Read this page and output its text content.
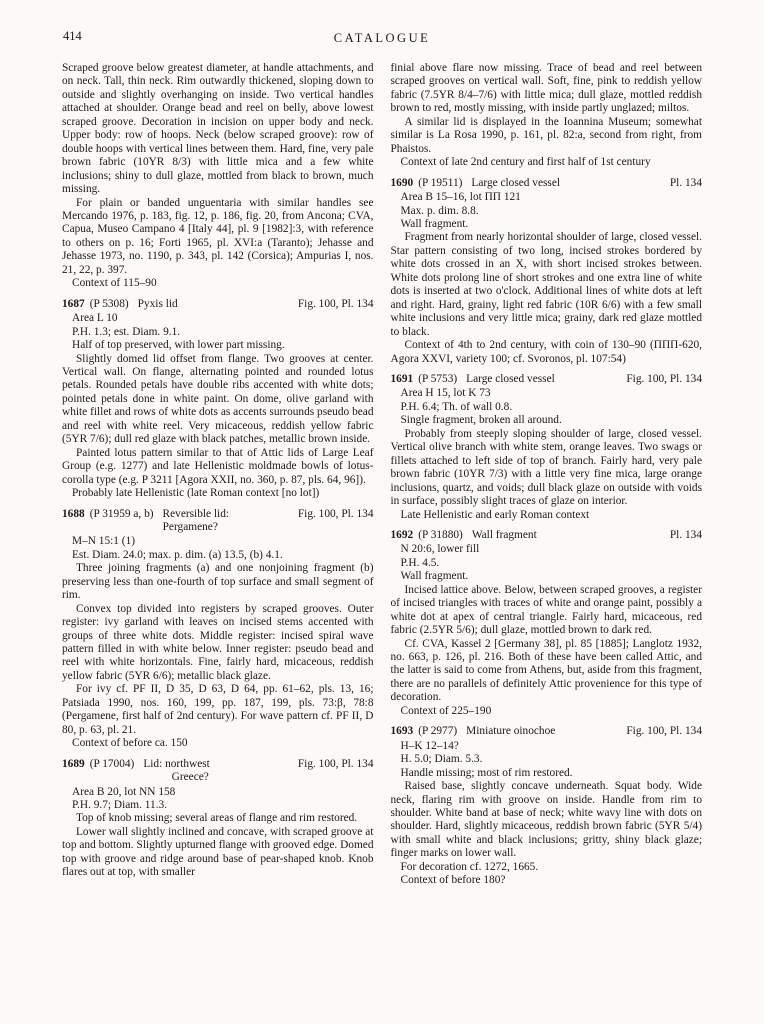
414	CATALOGUE

Scraped groove below greatest diameter, at handle attachments, and on neck. Tall, thin neck. Rim outwardly thickened, sloping down to outside and slightly overhanging on inside. Two vertical handles attached at shoulder. Orange bead and reel on belly, above lowest scraped groove. Decoration in incision on upper body and neck. Upper body: row of hoops. Neck (below scraped groove): row of double hoops with vertical lines between them. Hard, fine, very pale brown fabric (10YR 8/3) with little mica and a few white inclusions; shiny to dull glaze, mottled from black to brown, much missing.

For plain or banded unguentaria with similar handles see Mercando 1976, p. 183, fig. 12, p. 186, fig. 20, from Ancona; CVA, Capua, Museo Campano 4 [Italy 44], pl. 9 [1982]:3, with reference to others on p. 16; Forti 1965, pl. XVI:a (Taranto); Jehasse and Jehasse 1973, no. 1190, p. 343, pl. 142 (Corsica); Ampurias I, nos. 21, 22, p. 397.

Context of 115–90

1687 (P 5308) Pyxis lid	Fig. 100, Pl. 134

Area L 10

P.H. 1.3; est. Diam. 9.1.

Half of top preserved, with lower part missing.

Slightly domed lid offset from flange. Two grooves at center. Vertical wall. On flange, alternating pointed and rounded lotus petals. Rounded petals have double ribs accented with white dots; pointed petals done in white paint. On dome, olive garland with white fillet and rows of white dots as accents surrounds pseudo bead and reel with white reel. Very micaceous, reddish yellow fabric (5YR 7/6); dull red glaze with black patches, metallic brown inside.

Painted lotus pattern similar to that of Attic lids of Large Leaf Group (e.g. 1277) and late Hellenistic moldmade bowls of lotus-corolla type (e.g. P 3211 [Agora XXII, no. 360, p. 87, pls. 64, 96]).

Probably late Hellenistic (late Roman context [no lot])

1688 (P 31959 a, b) Reversible lid:	Fig. 100, Pl. 134
Pergamene?

M–N 15:1 (1)

Est. Diam. 24.0; max. p. dim. (a) 13.5, (b) 4.1.

Three joining fragments (a) and one nonjoining fragment (b) preserving less than one-fourth of top surface and small segment of rim.

Convex top divided into registers by scraped grooves. Outer register: ivy garland with leaves on incised stems accented with groups of three white dots. Middle register: incised spiral wave pattern filled in with white below. Inner register: pseudo bead and reel with white horizontals. Fine, fairly hard, micaceous, reddish yellow fabric (5YR 6/6); metallic black glaze.

For ivy cf. PF II, D 35, D 63, D 64, pp. 61–62, pls. 13, 16; Patsiada 1990, nos. 160, 199, pp. 187, 199, pls. 73:β, 78:8 (Pergamene, first half of 2nd century). For wave pattern cf. PF II, D 80, p. 63, pl. 21.

Context of before ca. 150

1689 (P 17004) Lid: northwest	Fig. 100, Pl. 134
Greece?

Area B 20, lot NN 158

P.H. 9.7; Diam. 11.3.

Top of knob missing; several areas of flange and rim restored.

Lower wall slightly inclined and concave, with scraped groove at top and bottom. Slightly upturned flange with grooved edge. Domed top with groove and ridge around base of pear-shaped knob. Knob flares out at top, with smaller

finial above flare now missing. Trace of bead and reel between scraped grooves on vertical wall. Soft, fine, pink to reddish yellow fabric (7.5YR 8/4–7/6) with little mica; dull glaze, mottled reddish brown to red, mostly missing, with inside partly unglazed; miltos.

A similar lid is displayed in the Ioannina Museum; somewhat similar is La Rosa 1990, p. 161, pl. 82:a, second from right, from Phaistos.

Context of late 2nd century and first half of 1st century

1690 (P 19511) Large closed vessel	Pl. 134

Area B 15–16, lot ΠΠ 121

Max. p. dim. 8.8.

Wall fragment.

Fragment from nearly horizontal shoulder of large, closed vessel. Star pattern consisting of two long, incised strokes bordered by white dots crossed in an X, with short incised strokes between. White dots prolong line of short strokes and one extra line of white dots is inserted at two o'clock. Additional lines of white dots at left and right. Hard, grainy, light red fabric (10R 6/6) with a few small white inclusions and very little mica; grainy, dark red glaze mottled to black.

Context of 4th to 2nd century, with coin of 130–90 (ΠΠΠ-620, Agora XXVI, variety 100; cf. Svoronos, pl. 107:54)

1691 (P 5753) Large closed vessel	Fig. 100, Pl. 134

Area H 15, lot K 73

P.H. 6.4; Th. of wall 0.8.

Single fragment, broken all around.

Probably from steeply sloping shoulder of large, closed vessel. Vertical olive branch with white stem, orange leaves. Two swags or fillets attached to left side of top of branch. Fairly hard, very pale brown fabric (10YR 7/3) with a little very fine mica, large orange inclusions, quartz, and voids; dull black glaze on outside with voids in surface, possibly slight traces of glaze on interior.

Late Hellenistic and early Roman context

1692 (P 31880) Wall fragment	Pl. 134

N 20:6, lower fill

P.H. 4.5.

Wall fragment.

Incised lattice above. Below, between scraped grooves, a register of incised triangles with traces of white and orange paint, possibly a white dot at apex of central triangle. Fairly hard, micaceous, red fabric (2.5YR 5/6); dull glaze, mottled brown to dark red.

Cf. CVA, Kassel 2 [Germany 38], pl. 85 [1885]; Langlotz 1932, no. 663, p. 126, pl. 216. Both of these have been called Attic, and the latter is said to come from Athens, but, aside from this fragment, there are no parallels of definitely Attic provenience for this type of decoration.

Context of 225–190

1693 (P 2977) Miniature oinochoe	Fig. 100, Pl. 134

H–K 12–14?

H. 5.0; Diam. 5.3.

Handle missing; most of rim restored.

Raised base, slightly concave underneath. Squat body. Wide neck, flaring rim with groove on inside. Handle from rim to shoulder. White band at base of neck; white wavy line with dots on shoulder. Hard, slightly micaceous, reddish brown fabric (5YR 5/4) with small white and black inclusions; gritty, shiny black glaze; finger marks on lower wall.

For decoration cf. 1272, 1665.

Context of before 180?
